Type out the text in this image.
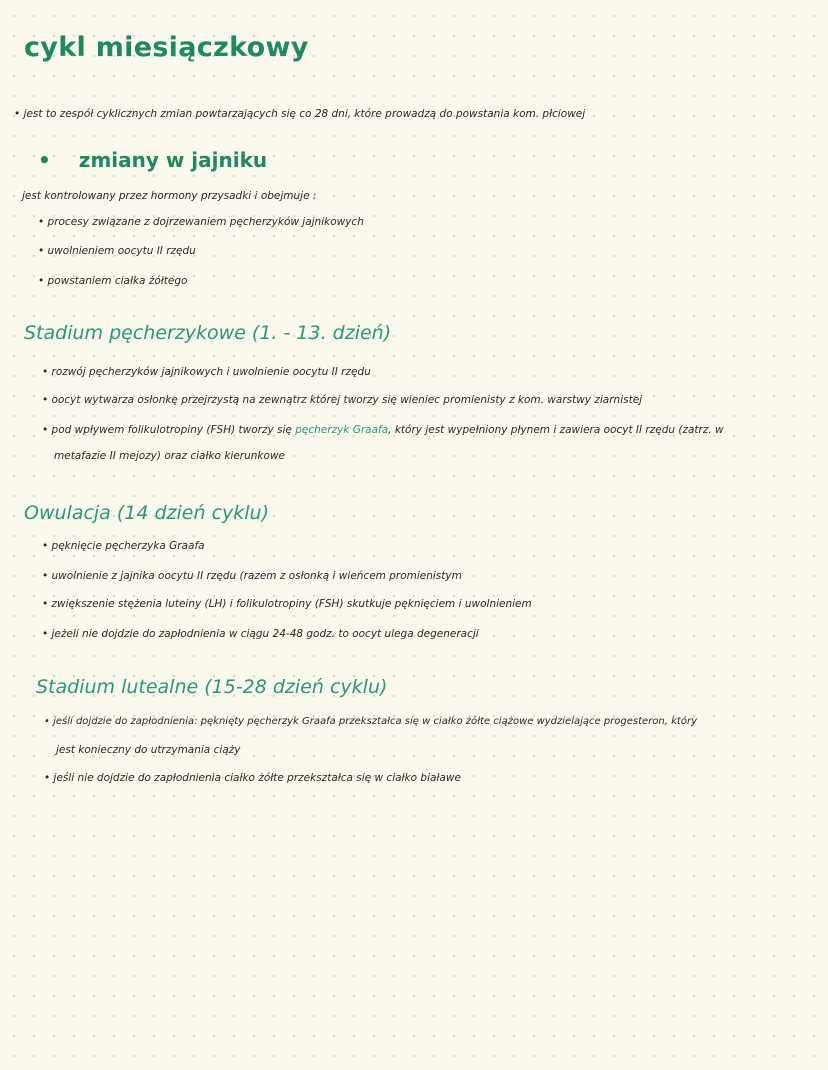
cykl miesiączkowy
• jest to zespół cyklicznych zmian powtarzających się co 28 dni, które prowadzą do powstania kom. płciowej
• zmiany w jajniku
jest kontrolowany przez hormony przysadki i obejmuje :
• procesy związane z dojrzewaniem pęcherzyków jajnikowych
• uwolnieniem oocytu II rzędu
• powstaniem ciałka żółtego
Stadium pęcherzykowe (1. - 13. dzień)
• rozwój pęcherzyków jajnikowych i uwolnienie oocytu II rzędu
• oocyt wytwarza osłonkę przejrzystą na zewnątrz której tworzy się wieniec promienisty z kom. warstwy ziarnistej
• pod wpływem folikulotropiny (FSH) tworzy się pęcherzyk Graafa, który jest wypełniony płynem i zawiera oocyt II rzędu (zatrz. w
metafazie II mejozy) oraz ciałko kierunkowe
Owulacja (14 dzień cyklu)
• pęknięcie pęcherzyka Graafa
• uwolnienie z jajnika oocytu II rzędu (razem z osłonką i wieńcem promienistym
• zwiększenie stężenia luteiny (LH) i folikulotropiny (FSH) skutkuje pęknięciem i uwolnieniem
• jeżeli nie dojdzie do zapłodnienia w ciągu 24-48 godz. to oocyt ulega degeneracji
Stadium lutealne (15-28 dzień cyklu)
• jeśli dojdzie do zapłodnienia: pęknięty pęcherzyk Graafa przekształca się w ciałko żółte ciążowe wydzielające progesteron, który
jest konieczny do utrzymania ciąży
• jeśli nie dojdzie do zapłodnienia ciałko żółte przekształca się w ciałko białawe
